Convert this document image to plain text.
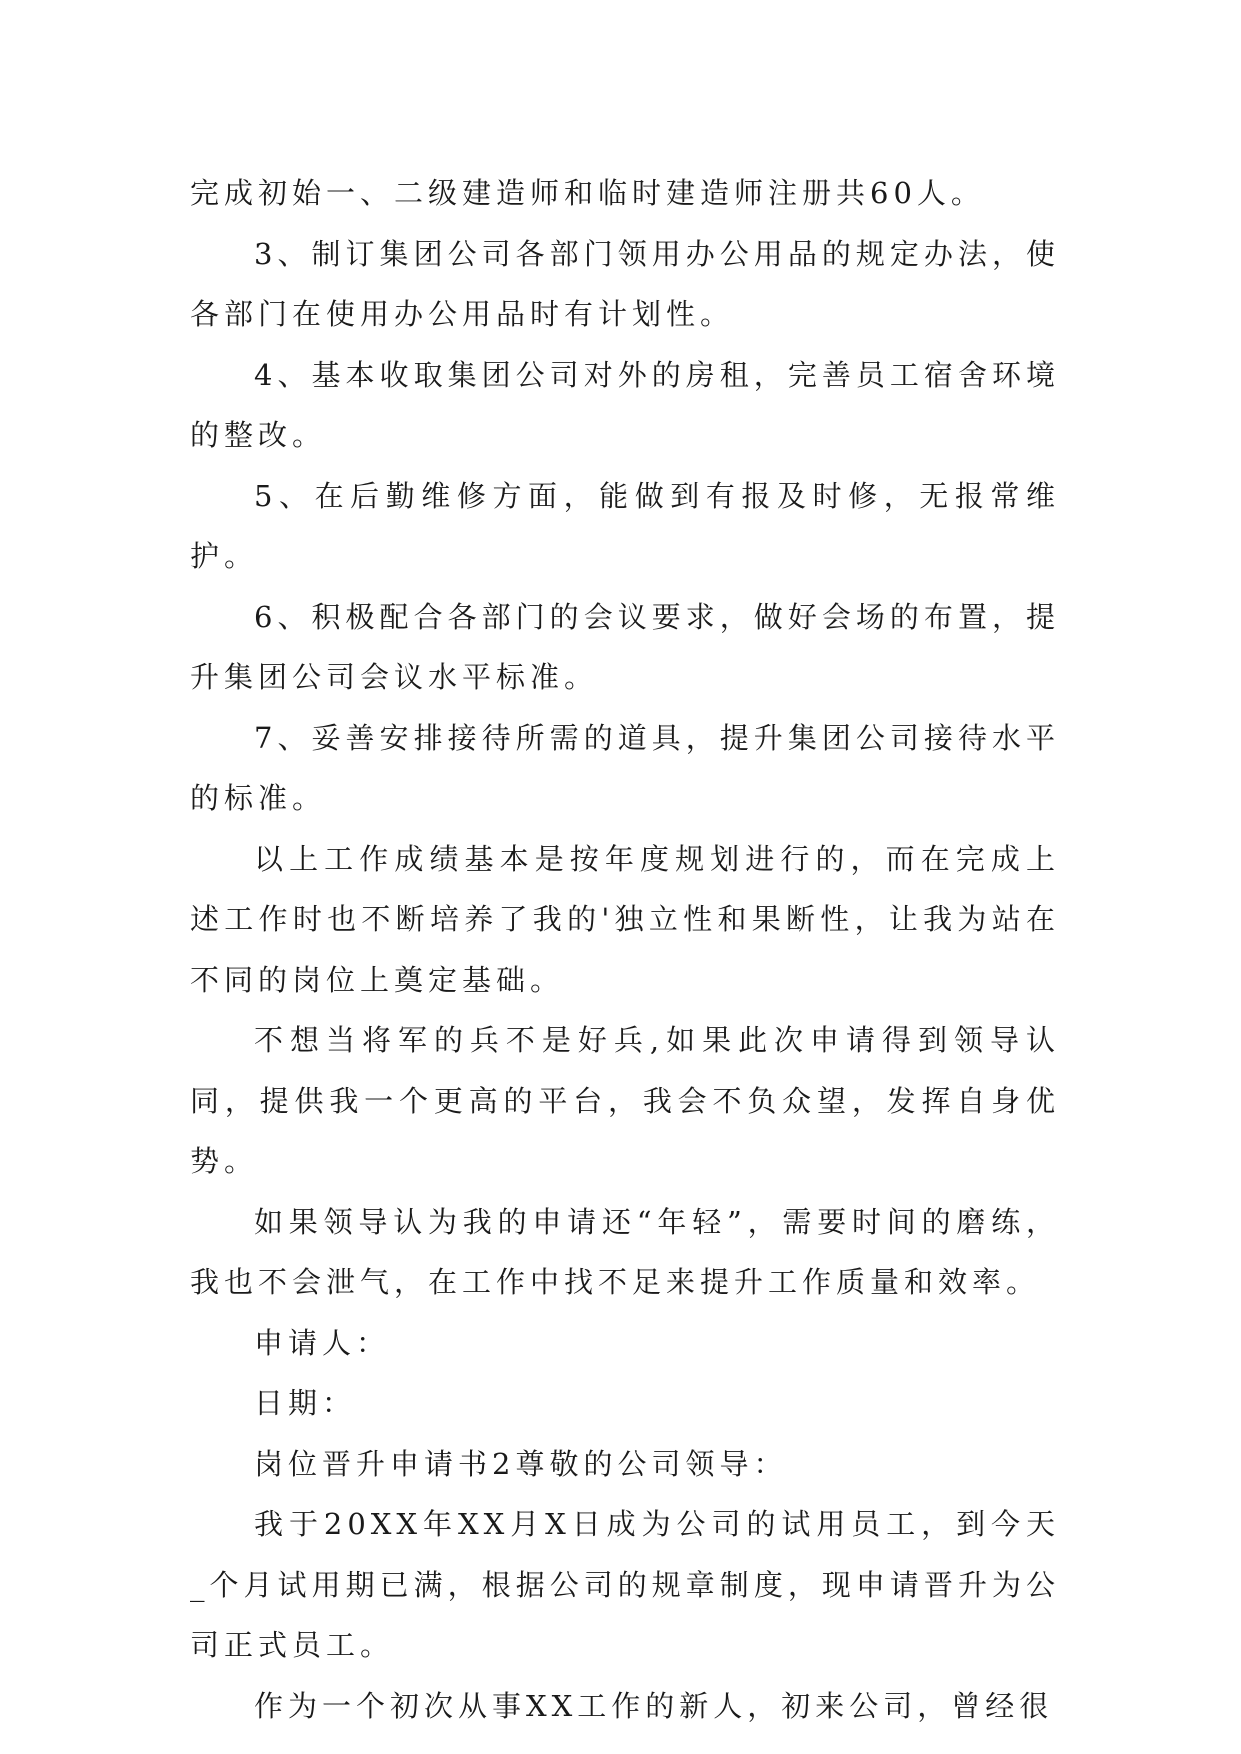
完成初始一、二级建造师和临时建造师注册共60人。

3、制订集团公司各部门领用办公用品的规定办法，使各部门在使用办公用品时有计划性。

4、基本收取集团公司对外的房租，完善员工宿舍环境的整改。

5、在后勤维修方面，能做到有报及时修，无报常维护。

6、积极配合各部门的会议要求，做好会场的布置，提升集团公司会议水平标准。

7、妥善安排接待所需的道具，提升集团公司接待水平的标准。

以上工作成绩基本是按年度规划进行的，而在完成上述工作时也不断培养了我的'独立性和果断性，让我为站在不同的岗位上奠定基础。

不想当将军的兵不是好兵,如果此次申请得到领导认同，提供我一个更高的平台，我会不负众望，发挥自身优势。

如果领导认为我的申请还“年轻”，需要时间的磨练，我也不会泄气，在工作中找不足来提升工作质量和效率。

申请人：

日期：

岗位晋升申请书2尊敬的公司领导：

我于20XX年XX月X日成为公司的试用员工，到今天_个月试用期已满，根据公司的规章制度，现申请晋升为公司正式员工。

作为一个初次从事XX工作的新人，初来公司，曾经很
